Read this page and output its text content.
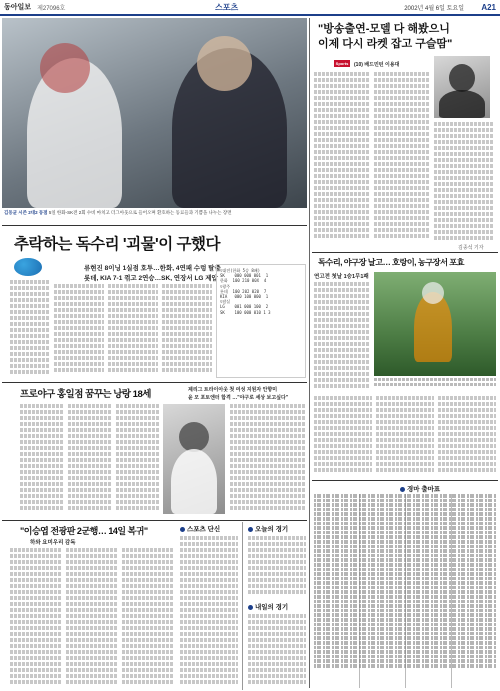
동아일보 제27096호	스포츠	2002년 4월 6일 토요일 A21
김동균 시즌 2대2 동점 5일 한화-SK전 2회 수비 마치고 더그아웃으로 들어오며 환호하는 동료들과 기쁨을 나누는 장면
추락하는 독수리 '괴물'이 구했다
류현진 8이닝 1실점 호투…한화, 4연패 수렁 탈출
롯데, KIA 7-1 꺾고 2연승…SK, 연장서 LG 제압
▽대전(한화 5승 8패)
SK    000 000 001  1
한화  100 210 00X  4
▽광주
롯데  100 202 020  7
KIA   000 100 000  1
▽잠실
LG    001 000 100  2
SK    100 000 010 1 3
프로야구 홍일점 꿈꾸는 낭랑 18세	제리그 트라이아웃 첫 여성 지원자 안향미
윤 모 포토엔터 합격 …"야구로 세상 보고싶다"
"이승엽 전광판 2군행… 14일 복귀"
하와 요미우리 감독
스포츠 단신	오늘의 경기
내일의 경기
"방송출연-모델 다 해봤으니
이제 다시 라켓 잡고 구슬땀"
Sports	(10) 배드민턴 이용대
김종석 기자
독수리, 야구장 날고… 호랑이, 농구장서 포효
연고전 첫날 1승1무1패
경마 출마표
